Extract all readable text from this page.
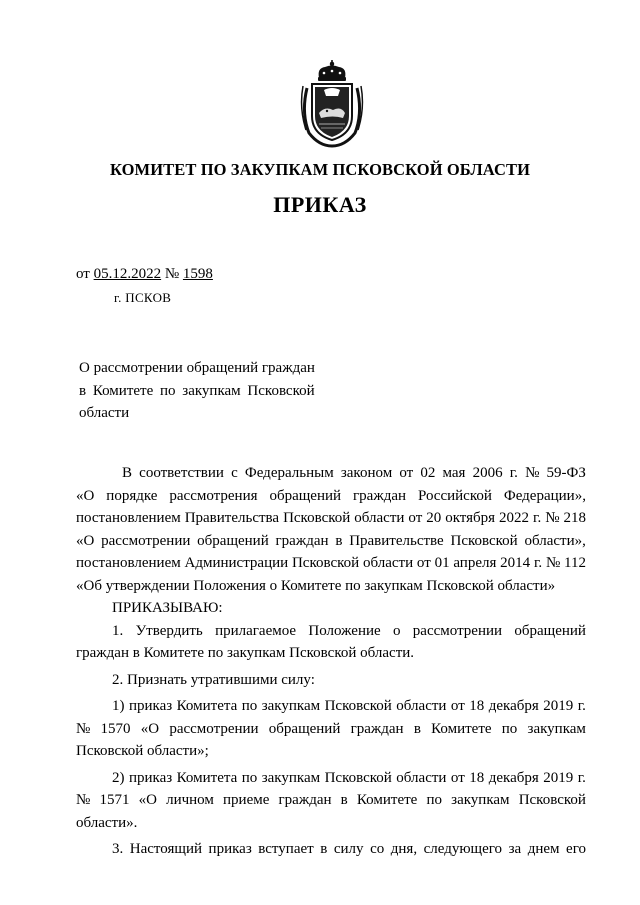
КОМИТЕТ ПО ЗАКУПКАМ ПСКОВСКОЙ ОБЛАСТИ
ПРИКАЗ
от 05.12.2022 № 1598
г. ПСКОВ
О рассмотрении обращений граждан
в Комитете по закупкам Псковской
области
В соответствии с Федеральным законом от 02 мая 2006 г. № 59-ФЗ
«О порядке рассмотрения обращений граждан Российской Федерации»,
постановлением Правительства Псковской области от 20 октября 2022 г. № 218
«О рассмотрении обращений граждан в Правительстве Псковской области»,
постановлением Администрации Псковской области от 01 апреля 2014 г. № 112
«Об утверждении Положения о Комитете по закупкам Псковской области»
ПРИКАЗЫВАЮ:
1. Утвердить прилагаемое Положение о рассмотрении обращений
граждан в Комитете по закупкам Псковской области.
2. Признать утратившими силу:
1) приказ Комитета по закупкам Псковской области от 18 декабря 2019 г.
№ 1570 «О рассмотрении обращений граждан в Комитете по закупкам
Псковской области»;
2) приказ Комитета по закупкам Псковской области от 18 декабря 2019 г.
№ 1571 «О личном приеме граждан в Комитете по закупкам Псковской
области».
3. Настоящий приказ вступает в силу со дня, следующего за днем его
